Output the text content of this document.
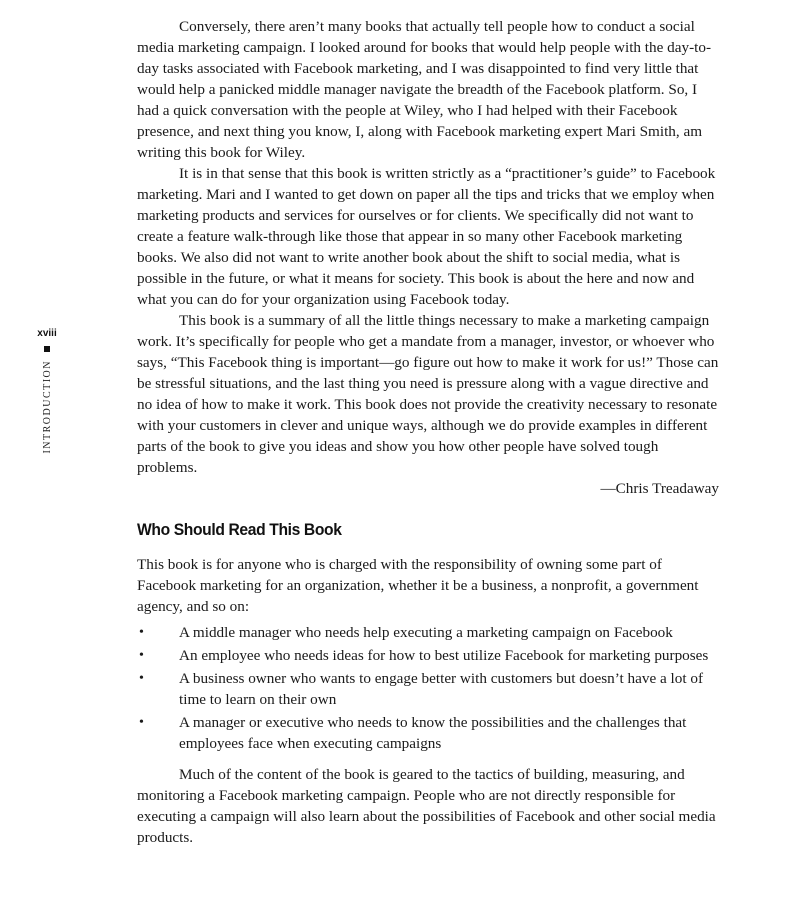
xviii
INTRODUCTION

Conversely, there aren’t many books that actually tell people how to conduct a social media marketing campaign. I looked around for books that would help people with the day-to-day tasks associated with Facebook marketing, and I was disappointed to find very little that would help a panicked middle manager navigate the breadth of the Facebook platform. So, I had a quick conversation with the people at Wiley, who I had helped with their Facebook presence, and next thing you know, I, along with Facebook marketing expert Mari Smith, am writing this book for Wiley.

It is in that sense that this book is written strictly as a “practitioner’s guide” to Facebook marketing. Mari and I wanted to get down on paper all the tips and tricks that we employ when marketing products and services for ourselves or for clients. We specifically did not want to create a feature walk-through like those that appear in so many other Facebook marketing books. We also did not want to write another book about the shift to social media, what is possible in the future, or what it means for society. This book is about the here and now and what you can do for your organization using Facebook today.

This book is a summary of all the little things necessary to make a marketing campaign work. It’s specifically for people who get a mandate from a manager, investor, or whoever who says, “This Facebook thing is important—go figure out how to make it work for us!” Those can be stressful situations, and the last thing you need is pressure along with a vague directive and no idea of how to make it work. This book does not provide the creativity necessary to resonate with your customers in clever and unique ways, although we do provide examples in different parts of the book to give you ideas and show you how other people have solved tough problems.

—Chris Treadaway

Who Should Read This Book

This book is for anyone who is charged with the responsibility of owning some part of Facebook marketing for an organization, whether it be a business, a nonprofit, a government agency, and so on:

• A middle manager who needs help executing a marketing campaign on Facebook
• An employee who needs ideas for how to best utilize Facebook for marketing purposes
• A business owner who wants to engage better with customers but doesn’t have a lot of time to learn on their own
• A manager or executive who needs to know the possibilities and the challenges that employees face when executing campaigns

Much of the content of the book is geared to the tactics of building, measuring, and monitoring a Facebook marketing campaign. People who are not directly responsible for executing a campaign will also learn about the possibilities of Facebook and other social media products.
